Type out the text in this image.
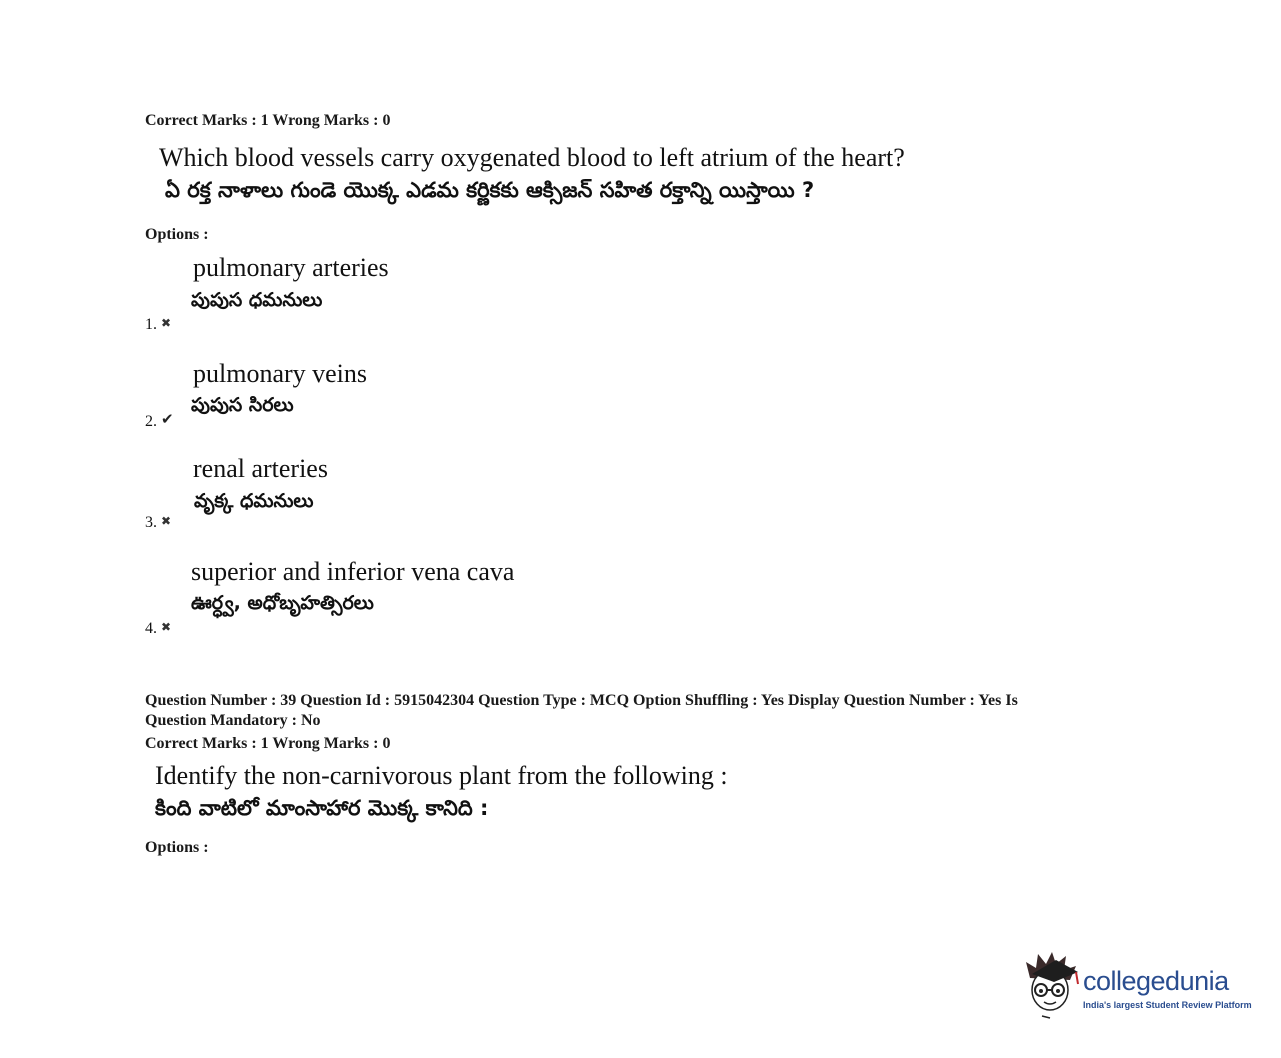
Correct Marks : 1 Wrong Marks : 0
Which blood vessels carry oxygenated blood to left atrium of the heart?
ఏ రక్త నాళాలు గుండె యొక్క ఎడమ కర్ణికకు ఆక్సిజన్ సహిత రక్తాన్ని యిస్తాయి ?
Options :
pulmonary arteries
పుపుస ధమనులు
1. ✖
pulmonary veins
పుపుస సిరలు
2. ✔
renal arteries
వృక్క ధమనులు
3. ✖
superior and inferior vena cava
ఊర్ధ్వ, అధోబృహత్సిరలు
4. ✖
Question Number : 39 Question Id : 5915042304 Question Type : MCQ Option Shuffling : Yes Display Question Number : Yes Is
Question Mandatory : No
Correct Marks : 1 Wrong Marks : 0
Identify the non-carnivorous plant from the following :
కింది వాటిలో మాంసాహార మొక్క కానిది :
Options :
collegedunia
India's largest Student Review Platform
